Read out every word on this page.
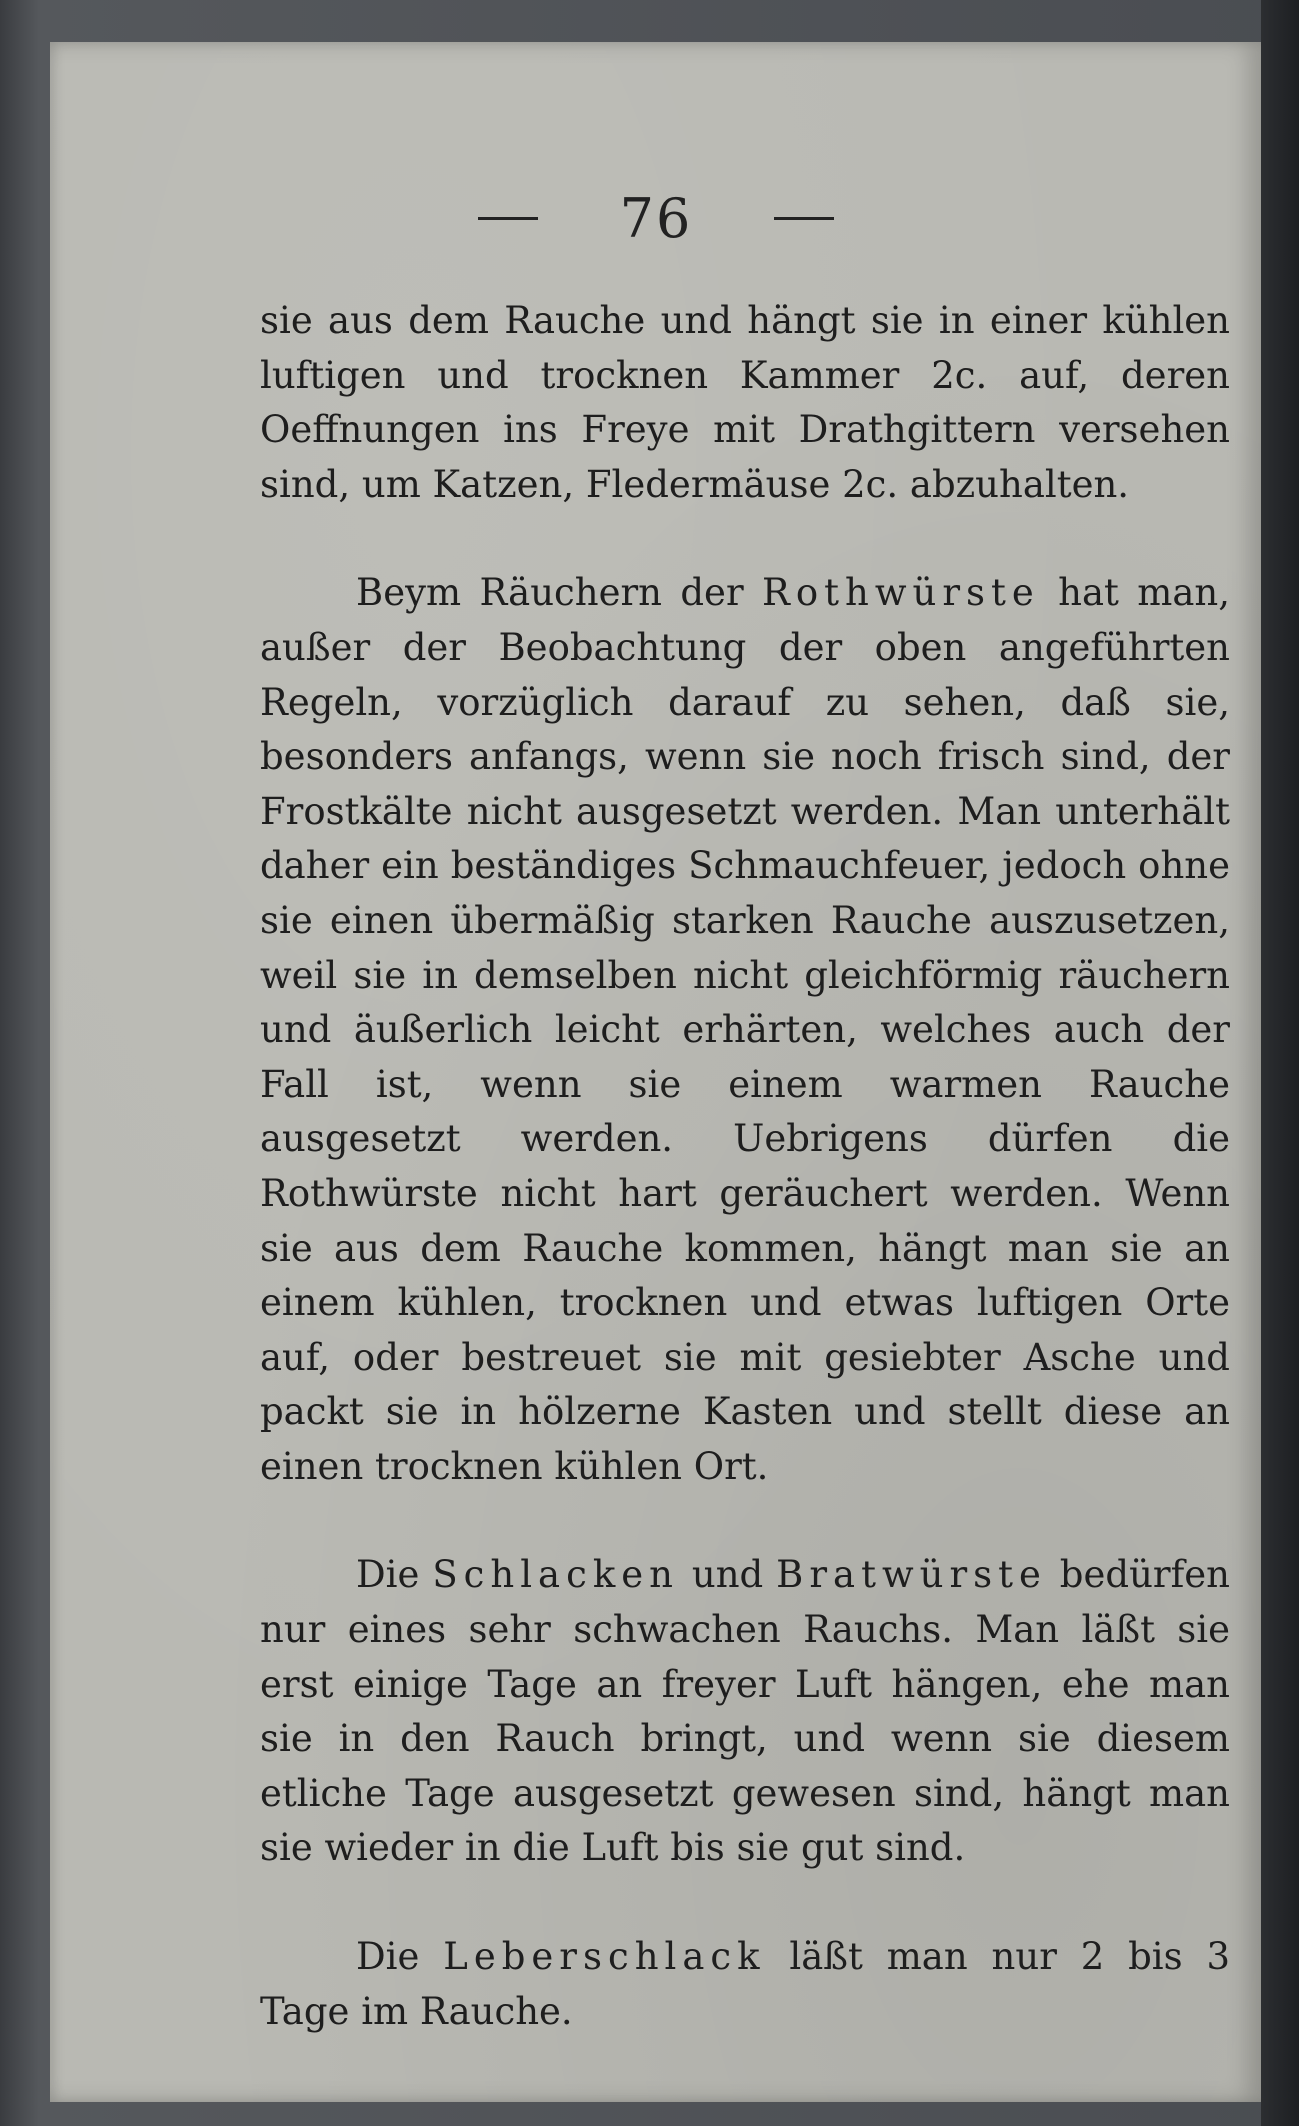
76

sie aus dem Rauche und hängt sie in einer kühlen luftigen und trocknen Kammer 2c. auf, deren Oeffnungen ins Freye mit Drathgittern versehen sind, um Katzen, Fledermäuse 2c. abzuhalten.

Beym Räuchern der Rothwürste hat man, außer der Beobachtung der oben angeführten Regeln, vorzüglich darauf zu sehen, daß sie, besonders anfangs, wenn sie noch frisch sind, der Frostkälte nicht ausgesetzt werden. Man unterhält daher ein beständiges Schmauchfeuer, jedoch ohne sie einen übermäßig starken Rauche auszusetzen, weil sie in demselben nicht gleichförmig räuchern und äußerlich leicht erhärten, welches auch der Fall ist, wenn sie einem warmen Rauche ausgesetzt werden. Uebrigens dürfen die Rothwürste nicht hart geräuchert werden. Wenn sie aus dem Rauche kommen, hängt man sie an einem kühlen, trocknen und etwas luftigen Orte auf, oder bestreuet sie mit gesiebter Asche und packt sie in hölzerne Kasten und stellt diese an einen trocknen kühlen Ort.

Die Schlacken und Bratwürste bedürfen nur eines sehr schwachen Rauchs. Man läßt sie erst einige Tage an freyer Luft hängen, ehe man sie in den Rauch bringt, und wenn sie diesem etliche Tage ausgesetzt gewesen sind, hängt man sie wieder in die Luft bis sie gut sind.

Die Leberschlack läßt man nur 2 bis 3 Tage im Rauche.
